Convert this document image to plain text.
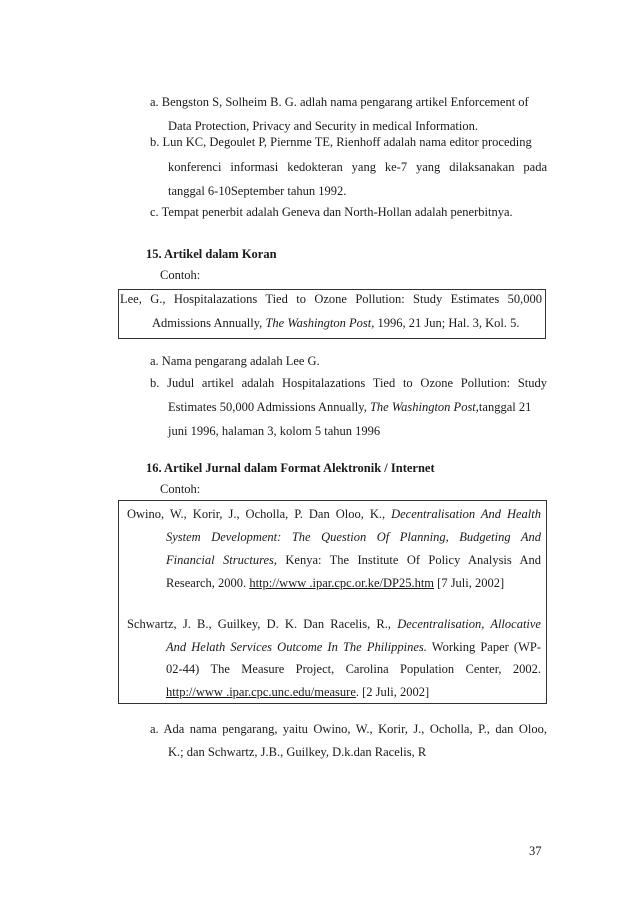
a. Bengston S, Solheim B. G. adlah nama pengarang artikel Enforcement of
Data Protection, Privacy and Security in medical Information.
b. Lun KC, Degoulet P, Piernme TE, Rienhoff adalah nama editor proceding
konferenci informasi kedokteran yang ke-7 yang dilaksanakan pada
tanggal 6-10September tahun 1992.
c. Tempat penerbit adalah Geneva dan North-Hollan adalah penerbitnya.
15. Artikel dalam Koran
Contoh:
Lee, G., Hospitalazations Tied to Ozone Pollution: Study Estimates 50,000
Admissions Annually, The Washington Post, 1996, 21 Jun; Hal. 3, Kol. 5.
a. Nama pengarang adalah Lee G.
b. Judul artikel adalah Hospitalazations Tied to Ozone Pollution: Study
Estimates 50,000 Admissions Annually, The Washington Post,tanggal 21
juni 1996, halaman 3, kolom 5 tahun 1996
16. Artikel Jurnal dalam Format Alektronik / Internet
Contoh:
Owino, W., Korir, J., Ocholla, P. Dan Oloo, K., Decentralisation And Health
System Development: The Question Of Planning, Budgeting And
Financial Structures, Kenya: The Institute Of Policy Analysis And
Research, 2000. http://www .ipar.cpc.or.ke/DP25.htm [7 Juli, 2002]
Schwartz, J. B., Guilkey, D. K. Dan Racelis, R., Decentralisation, Allocative
And Helath Services Outcome In The Philippines. Working Paper (WP-
02-44) The Measure Project, Carolina Population Center, 2002.
http://www .ipar.cpc.unc.edu/measure. [2 Juli, 2002]
a. Ada nama pengarang, yaitu Owino, W., Korir, J., Ocholla, P., dan Oloo,
K.; dan Schwartz, J.B., Guilkey, D.k.dan Racelis, R
37
